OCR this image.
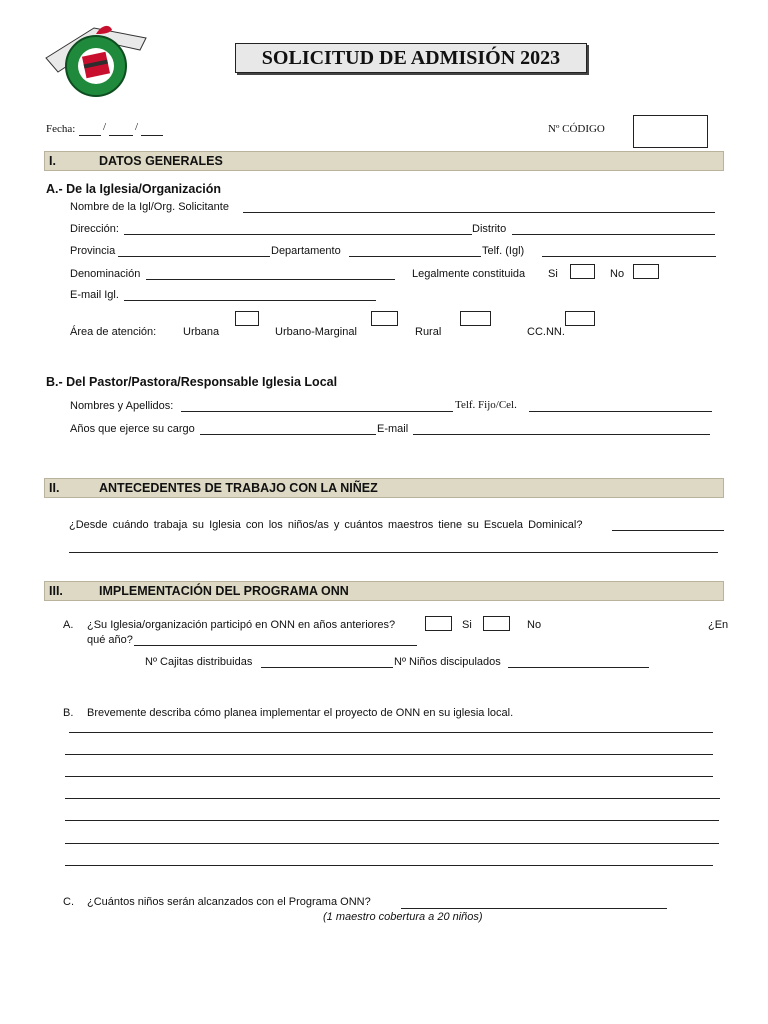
SOLICITUD DE ADMISIÓN 2023
Fecha:	/	/	Nº CÓDIGO
I.	DATOS GENERALES
A.- De la Iglesia/Organización
Nombre de la Igl/Org. Solicitante
Dirección:	Distrito
Provincia	Departamento	Telf. (Igl)
Denominación	Legalmente constituida Si	No
E-mail Igl.
Área de atención: Urbana	Urbano-Marginal	Rural	CC.NN.
B.- Del Pastor/Pastora/Responsable Iglesia Local
Nombres y Apellidos:	Telf. Fijo/Cel.
Años que ejerce su cargo	E-mail
II.	ANTECEDENTES DE TRABAJO CON LA NIÑEZ
¿Desde cuándo trabaja su Iglesia con los niños/as y cuántos maestros tiene su Escuela Dominical?
III.	IMPLEMENTACIÓN DEL PROGRAMA ONN
A. ¿Su Iglesia/organización participó en ONN en años anteriores?	Si	No	¿En
qué año?
Nº Cajitas distribuidas	Nº Niños discipulados
B. Brevemente describa cómo planea implementar el proyecto de ONN en su iglesia local.
C. ¿Cuántos niños serán alcanzados con el Programa ONN?
(1 maestro cobertura a 20 niños)
